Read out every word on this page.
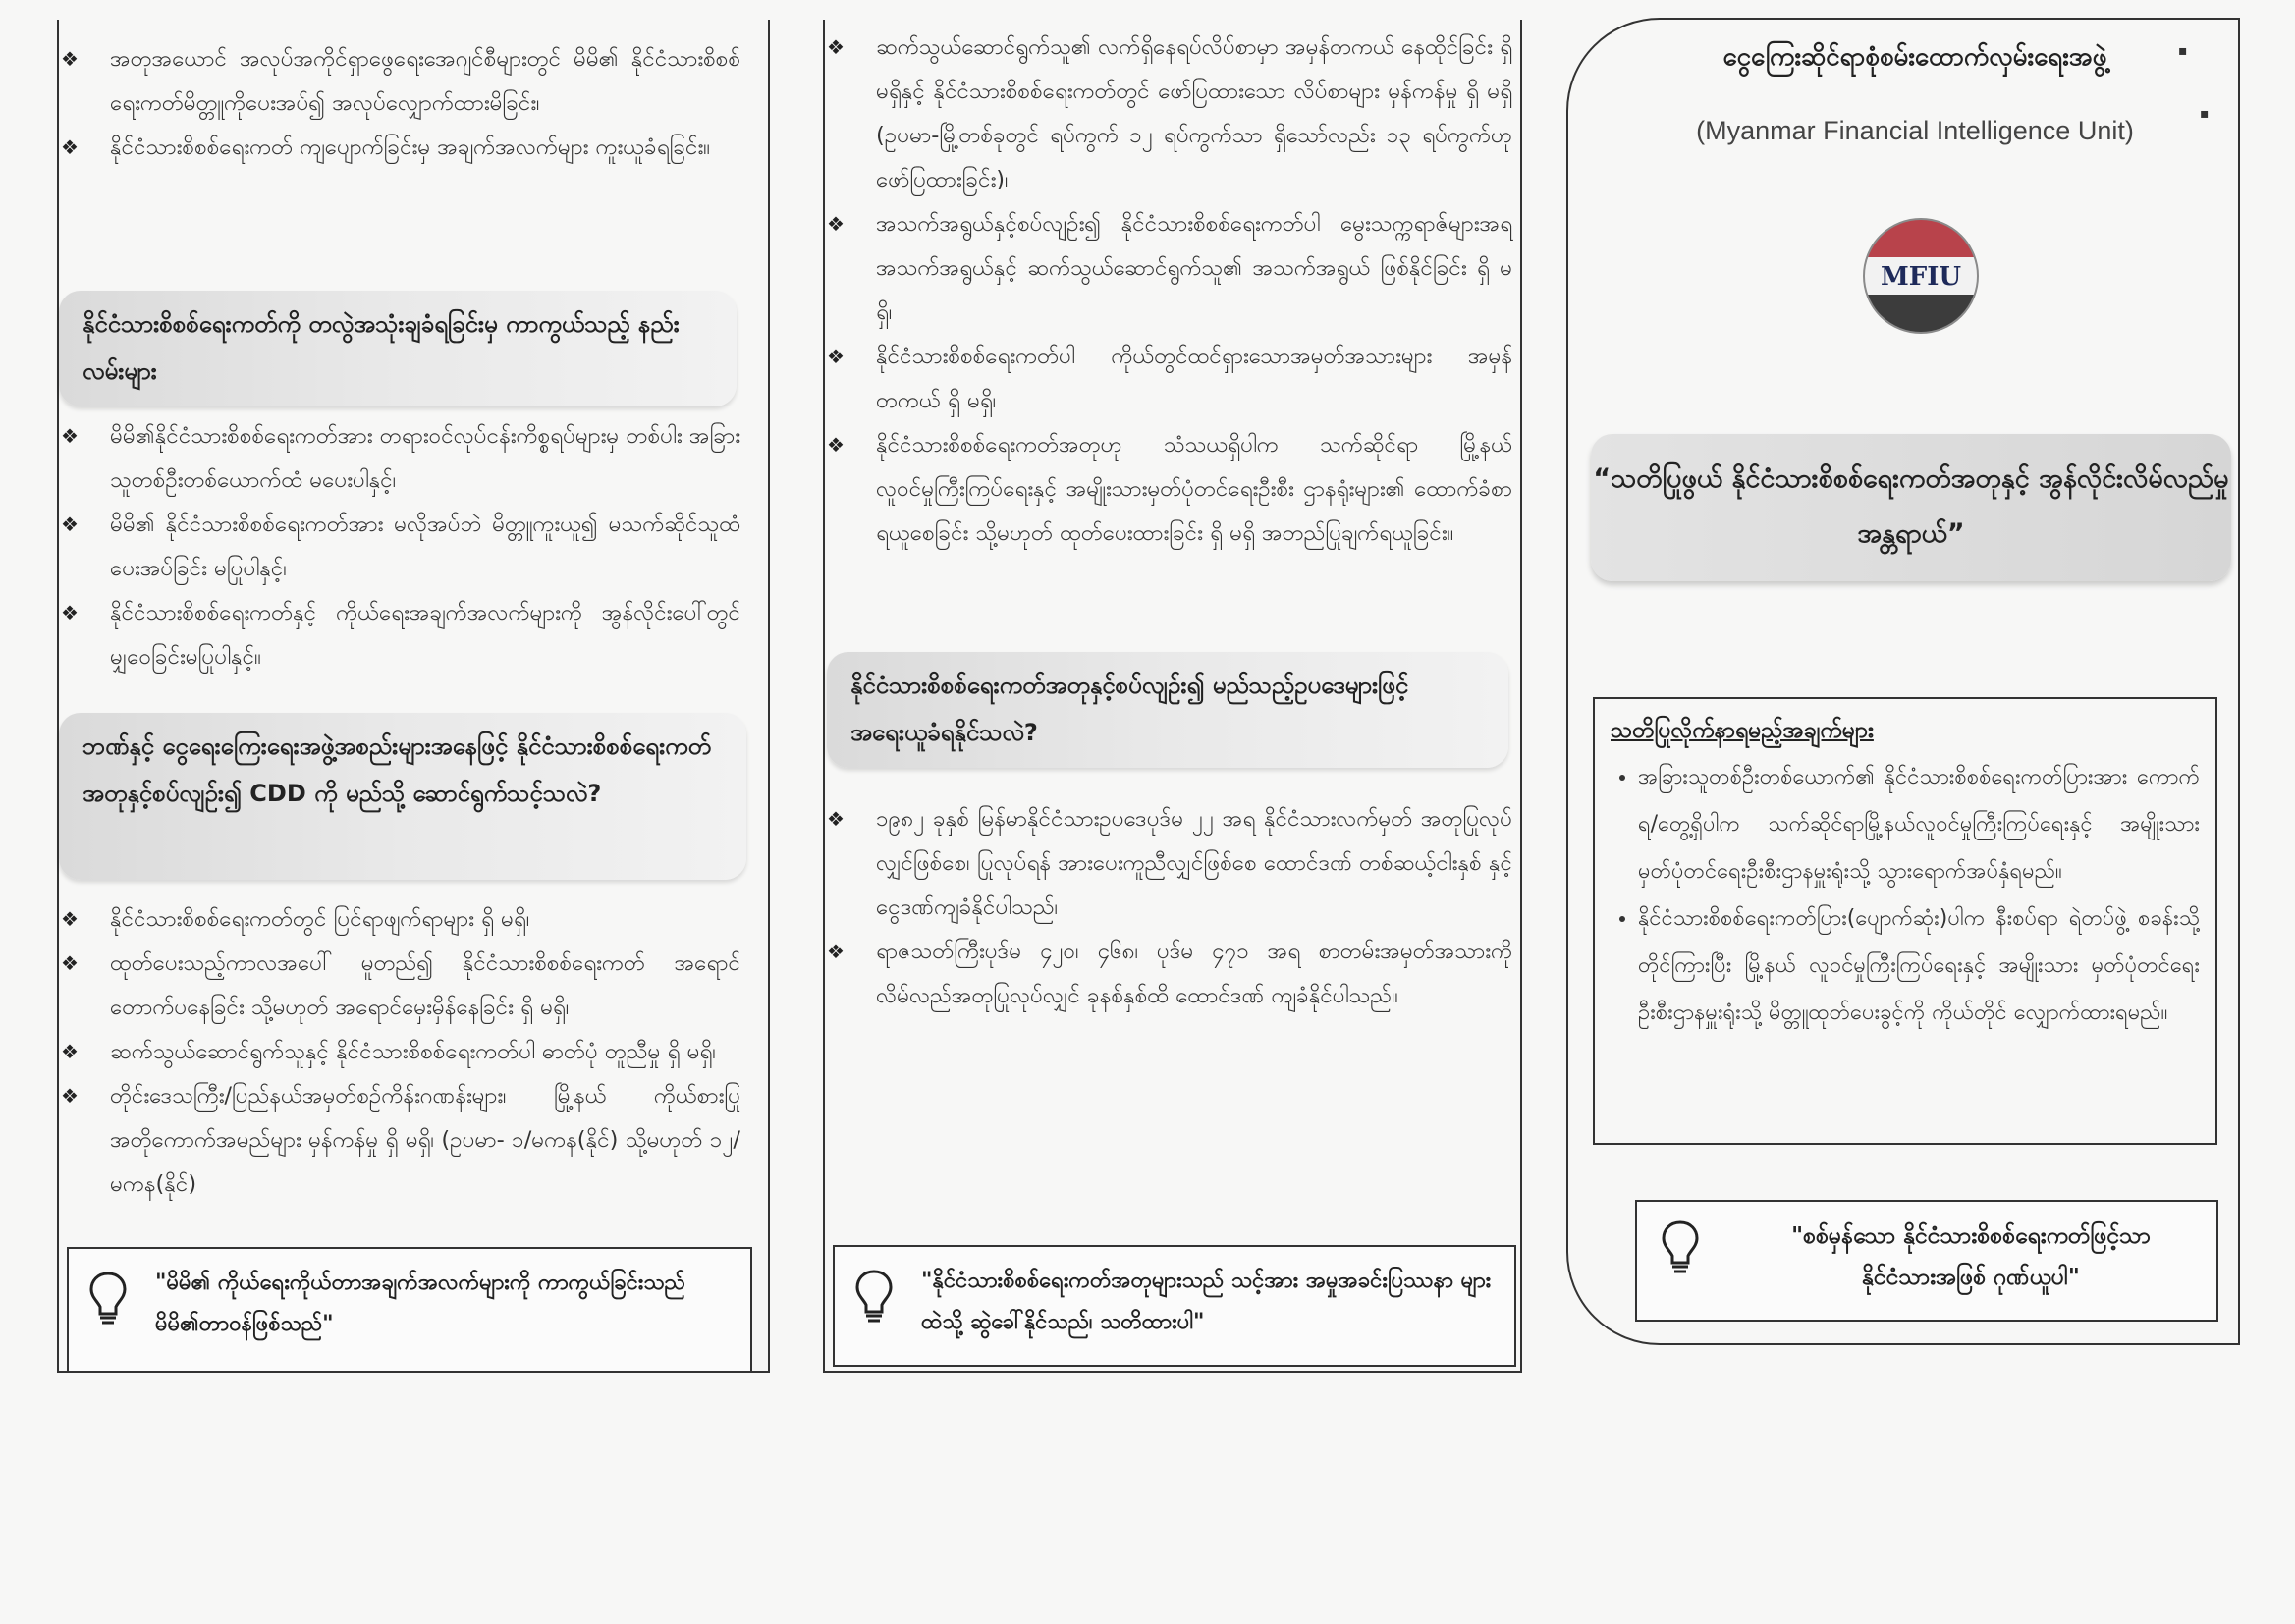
❖ အတုအယောင် အလုပ်အကိုင်ရှာဖွေရေးအေဂျင်စီများတွင် မိမိ၏ နိုင်ငံသားစိစစ်ရေးကတ်မိတ္တူကိုပေးအပ်၍ အလုပ်လျှောက်ထားမိခြင်း၊
❖ နိုင်ငံသားစိစစ်ရေးကတ် ကျပျောက်ခြင်းမှ အချက်အလက်များ ကူးယူခံရခြင်း။
နိုင်ငံသားစိစစ်ရေးကတ်ကို တလွဲအသုံးချခံရခြင်းမှ ကာကွယ်သည့် နည်းလမ်းများ
❖ မိမိ၏နိုင်ငံသားစိစစ်ရေးကတ်အား တရားဝင်လုပ်ငန်းကိစ္စရပ်များမှ တစ်ပါး အခြားသူတစ်ဦးတစ်ယောက်ထံ မပေးပါနှင့်၊
❖ မိမိ၏ နိုင်ငံသားစိစစ်ရေးကတ်အား မလိုအပ်ဘဲ မိတ္တူကူးယူ၍ မသက်ဆိုင်သူထံ ပေးအပ်ခြင်း မပြုပါနှင့်၊
❖ နိုင်ငံသားစိစစ်ရေးကတ်နှင့် ကိုယ်ရေးအချက်အလက်များကို အွန်လိုင်းပေါ်တွင် မျှဝေခြင်းမပြုပါနှင့်။
ဘဏ်နှင့် ငွေရေးကြေးရေးအဖွဲ့အစည်းများအနေဖြင့် နိုင်ငံသားစိစစ်ရေးကတ်အတုနှင့်စပ်လျဉ်း၍ CDD ကို မည်သို့ ဆောင်ရွက်သင့်သလဲ?
❖ နိုင်ငံသားစိစစ်ရေးကတ်တွင် ပြင်ရာဖျက်ရာများ ရှိ မရှိ၊
❖ ထုတ်ပေးသည့်ကာလအပေါ် မူတည်၍ နိုင်ငံသားစိစစ်ရေးကတ် အရောင် တောက်ပနေခြင်း သို့မဟုတ် အရောင်မှေးမှိန်နေခြင်း ရှိ မရှိ၊
❖ ဆက်သွယ်ဆောင်ရွက်သူနှင့် နိုင်ငံသားစိစစ်ရေးကတ်ပါ ဓာတ်ပုံ တူညီမှု ရှိ မရှိ၊
❖ တိုင်းဒေသကြီး/ပြည်နယ်အမှတ်စဉ်ကိန်းဂဏန်းများ၊ မြို့နယ် ကိုယ်စားပြု အတိုကောက်အမည်များ မှန်ကန်မှု ရှိ မရှိ၊ (ဥပမာ- ၁/မကန(နိုင်) သို့မဟုတ် ၁၂/မကန(နိုင်)
"မိမိ၏ ကိုယ်ရေးကိုယ်တာအချက်အလက်များကို ကာကွယ်ခြင်းသည် မိမိ၏တာဝန်ဖြစ်သည်"
❖ ဆက်သွယ်ဆောင်ရွက်သူ၏ လက်ရှိနေရပ်လိပ်စာမှာ အမှန်တကယ် နေထိုင်ခြင်း ရှိ မရှိနှင့် နိုင်ငံသားစိစစ်ရေးကတ်တွင် ဖော်ပြထားသော လိပ်စာများ မှန်ကန်မှု ရှိ မရှိ (ဥပမာ-မြို့တစ်ခုတွင် ရပ်ကွက် ၁၂ ရပ်ကွက်သာ ရှိသော်လည်း ၁၃ ရပ်ကွက်ဟု ဖော်ပြထားခြင်း)၊
❖ အသက်အရွယ်နှင့်စပ်လျဉ်း၍ နိုင်ငံသားစိစစ်ရေးကတ်ပါ မွေးသက္ကရာဇ်များအရ အသက်အရွယ်နှင့် ဆက်သွယ်ဆောင်ရွက်သူ၏ အသက်အရွယ် ဖြစ်နိုင်ခြင်း ရှိ မရှိ၊
❖ နိုင်ငံသားစိစစ်ရေးကတ်ပါ ကိုယ်တွင်ထင်ရှားသောအမှတ်အသားများ အမှန်တကယ် ရှိ မရှိ၊
❖ နိုင်ငံသားစိစစ်ရေးကတ်အတုဟု သံသယရှိပါက သက်ဆိုင်ရာ မြို့နယ် လူဝင်မှုကြီးကြပ်ရေးနှင့် အမျိုးသားမှတ်ပုံတင်ရေးဦးစီး ဌာနရုံးများ၏ ထောက်ခံစာရယူစေခြင်း သို့မဟုတ် ထုတ်ပေးထားခြင်း ရှိ မရှိ အတည်ပြုချက်ရယူခြင်း။
နိုင်ငံသားစိစစ်ရေးကတ်အတုနှင့်စပ်လျဉ်း၍ မည်သည့်ဥပဒေများဖြင့် အရေးယူခံရနိုင်သလဲ?
❖ ၁၉၈၂ ခုနှစ် မြန်မာနိုင်ငံသားဥပဒေပုဒ်မ ၂၂ အရ နိုင်ငံသားလက်မှတ် အတုပြုလုပ်လျှင်ဖြစ်စေ၊ ပြုလုပ်ရန် အားပေးကူညီလျှင်ဖြစ်စေ ထောင်ဒဏ် တစ်ဆယ့်ငါးနှစ် နှင့် ငွေဒဏ်ကျခံနိုင်ပါသည်၊
❖ ရာဇသတ်ကြီးပုဒ်မ ၄၂၀၊ ၄၆၈၊ ပုဒ်မ ၄၇၁ အရ စာတမ်းအမှတ်အသားကို လိမ်လည်အတုပြုလုပ်လျှင် ခုနစ်နှစ်ထိ ထောင်ဒဏ် ကျခံနိုင်ပါသည်။
"နိုင်ငံသားစိစစ်ရေးကတ်အတုများသည် သင့်အား အမှုအခင်းပြဿနာ များထဲသို့ ဆွဲခေါ်နိုင်သည်၊ သတိထားပါ"
▪
▪
ငွေကြေးဆိုင်ရာစုံစမ်းထောက်လှမ်းရေးအဖွဲ့
(Myanmar Financial Intelligence Unit)
MFIU
“သတိပြုဖွယ် နိုင်ငံသားစိစစ်ရေးကတ်အတုနှင့် အွန်လိုင်းလိမ်လည်မှု အန္တရာယ်”
သတိပြုလိုက်နာရမည့်အချက်များ
• အခြားသူတစ်ဦးတစ်ယောက်၏ နိုင်ငံသားစိစစ်ရေးကတ်ပြားအား ကောက်ရ/တွေ့ရှိပါက သက်ဆိုင်ရာမြို့နယ်လူဝင်မှုကြီးကြပ်ရေးနှင့် အမျိုးသားမှတ်ပုံတင်ရေးဦးစီးဌာနမှူးရုံးသို့ သွားရောက်အပ်နှံရမည်။
• နိုင်ငံသားစိစစ်ရေးကတ်ပြား(ပျောက်ဆုံး)ပါက နီးစပ်ရာ ရဲတပ်ဖွဲ့ စခန်းသို့ တိုင်ကြားပြီး မြို့နယ် လူဝင်မှုကြီးကြပ်ရေးနှင့် အမျိုးသား မှတ်ပုံတင်ရေးဦးစီးဌာနမှူးရုံးသို့ မိတ္တူထုတ်ပေးခွင့်ကို ကိုယ်တိုင် လျှောက်ထားရမည်။
"စစ်မှန်သော နိုင်ငံသားစိစစ်ရေးကတ်ဖြင့်သာ နိုင်ငံသားအဖြစ် ဂုဏ်ယူပါ"
